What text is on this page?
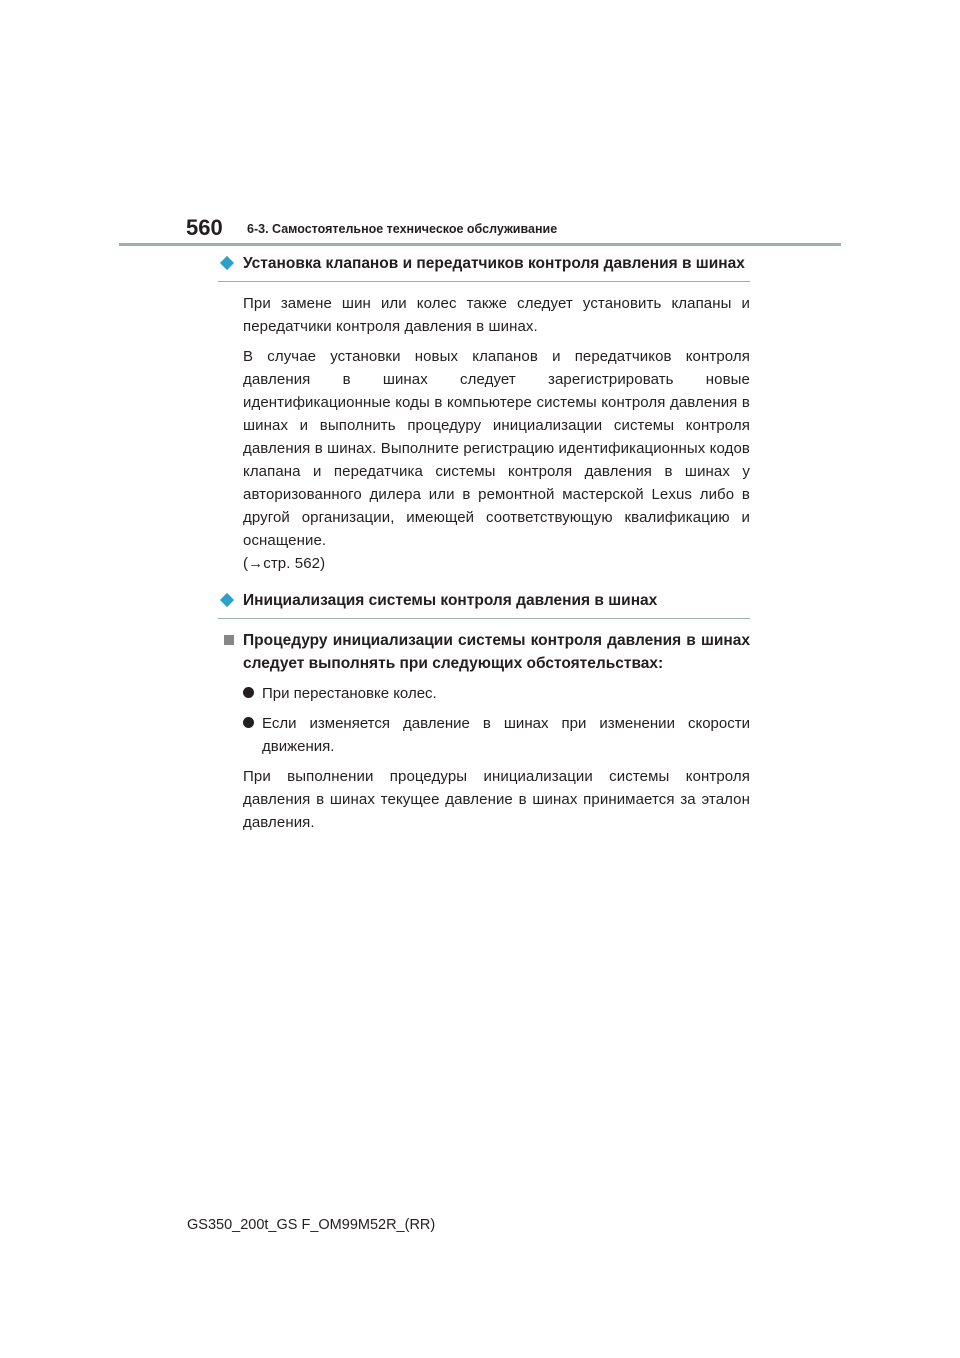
560 6-3. Самостоятельное техническое обслуживание
Установка клапанов и передатчиков контроля давления в шинах

При замене шин или колес также следует установить клапаны и передатчики контроля давления в шинах.

В случае установки новых клапанов и передатчиков контроля давления в шинах следует зарегистрировать новые идентификационные коды в компьютере системы контроля давления в шинах и выполнить процедуру инициализации системы контроля давления в шинах. Выполните регистрацию идентификационных кодов клапана и передатчика системы контроля давления в шинах у авторизованного дилера или в ремонтной мастерской Lexus либо в другой организации, имеющей соответствующую квалификацию и оснащение.

(→стр. 562)

Инициализация системы контроля давления в шинах
Процедуру инициализации системы контроля давления в шинах следует выполнять при следующих обстоятельствах:
При перестановке колес.
Если изменяется давление в шинах при изменении скорости движения.

При выполнении процедуры инициализации системы контроля давления в шинах текущее давление в шинах принимается за эталон давления.

GS350_200t_GS F_OM99M52R_(RR)
